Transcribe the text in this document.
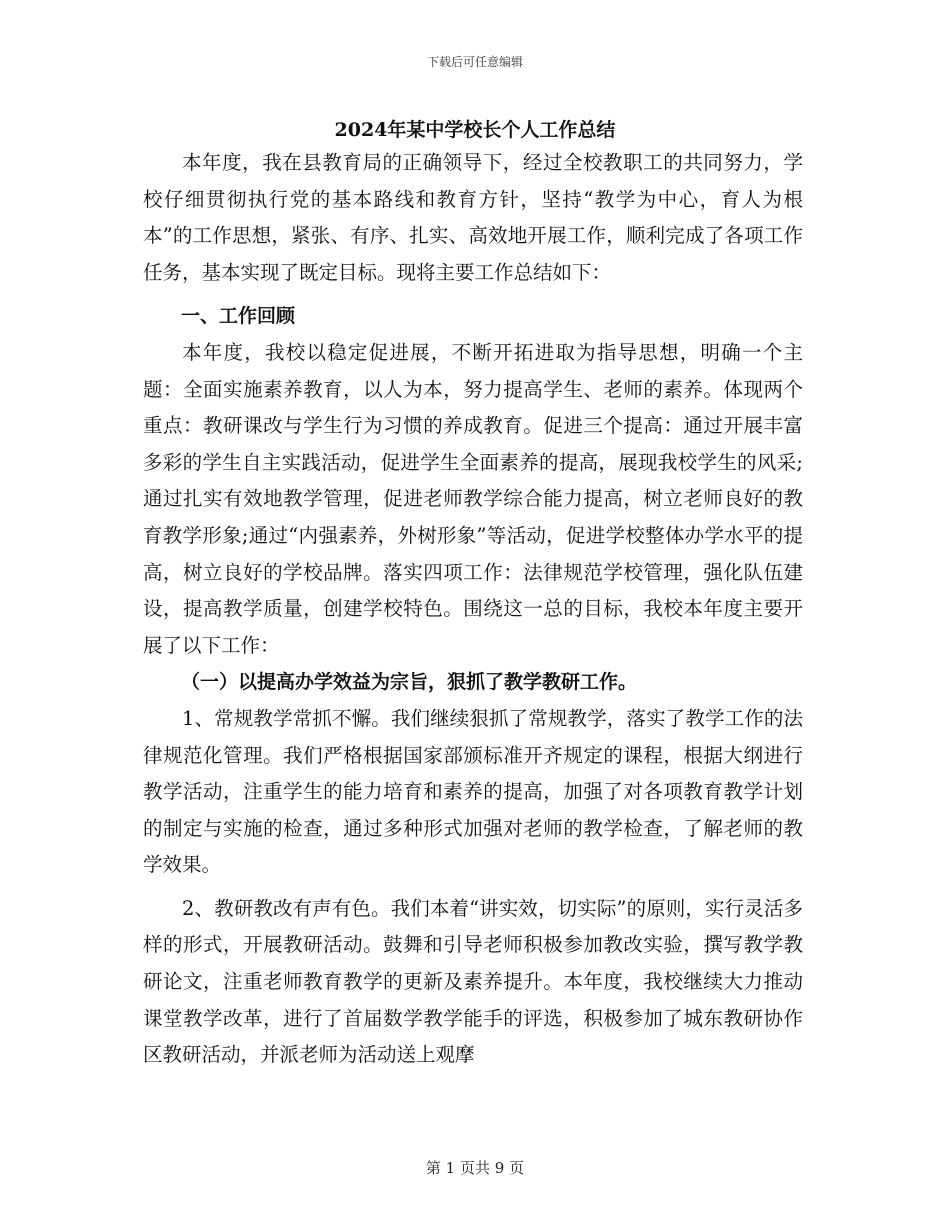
下载后可任意编辑
2024年某中学校长个人工作总结

本年度，我在县教育局的正确领导下，经过全校教职工的共同努力，学校仔细贯彻执行党的基本路线和教育方针，坚持“教学为中心，育人为根本”的工作思想，紧张、有序、扎实、高效地开展工作，顺利完成了各项工作任务，基本实现了既定目标。现将主要工作总结如下：

一、工作回顾

本年度，我校以稳定促进展，不断开拓进取为指导思想，明确一个主题：全面实施素养教育，以人为本，努力提高学生、老师的素养。体现两个重点：教研课改与学生行为习惯的养成教育。促进三个提高：通过开展丰富多彩的学生自主实践活动，促进学生全面素养的提高，展现我校学生的风采;通过扎实有效地教学管理，促进老师教学综合能力提高，树立老师良好的教育教学形象;通过“内强素养，外树形象”等活动，促进学校整体办学水平的提高，树立良好的学校品牌。落实四项工作：法律规范学校管理，强化队伍建设，提高教学质量，创建学校特色。围绕这一总的目标，我校本年度主要开展了以下工作：

（一）以提高办学效益为宗旨，狠抓了教学教研工作。

1、常规教学常抓不懈。我们继续狠抓了常规教学，落实了教学工作的法律规范化管理。我们严格根据国家部颁标准开齐规定的课程，根据大纲进行教学活动，注重学生的能力培育和素养的提高，加强了对各项教育教学计划的制定与实施的检查，通过多种形式加强对老师的教学检查，了解老师的教学效果。

2、教研教改有声有色。我们本着“讲实效，切实际”的原则，实行灵活多样的形式，开展教研活动。鼓舞和引导老师积极参加教改实验，撰写教学教研论文，注重老师教育教学的更新及素养提升。本年度，我校继续大力推动课堂教学改革，进行了首届数学教学能手的评选，积极参加了城东教研协作区教研活动，并派老师为活动送上观摩

第 1 页共 9 页
